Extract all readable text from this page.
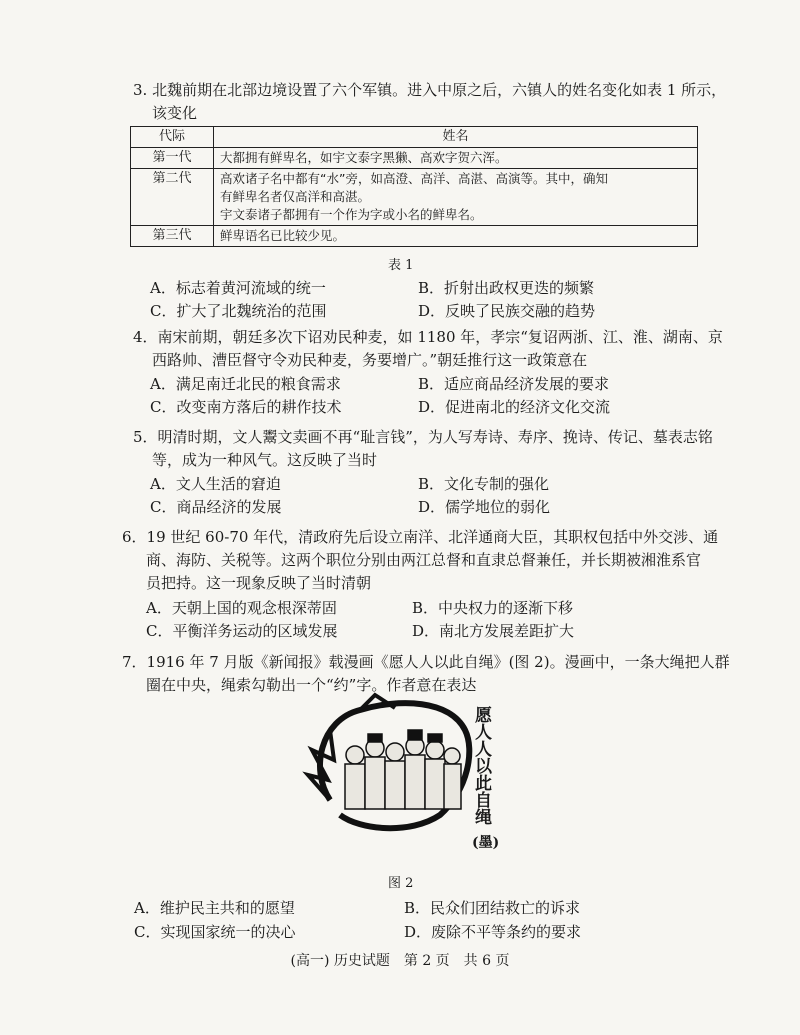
3. 北魏前期在北部边境设置了六个军镇。进入中原之后，六镇人的姓名变化如表 1 所示，
该变化
代际	姓名
第一代	大都拥有鲜卑名，如宇文泰字黑獭、高欢字贺六浑。

第二代	高欢诸子名中都有“水”旁，如高澄、高洋、高湛、高演等。其中，确知
有鲜卑名者仅高洋和高湛。
宇文泰诸子都拥有一个作为字或小名的鲜卑名。

第三代	鲜卑语名已比较少见。
表 1
A．标志着黄河流域的统一	B．折射出政权更迭的频繁
C．扩大了北魏统治的范围	D．反映了民族交融的趋势
4．南宋前期，朝廷多次下诏劝民种麦，如 1180 年，孝宗“复诏两浙、江、淮、湖南、京
西路帅、漕臣督守令劝民种麦，务要增广。”朝廷推行这一政策意在
A．满足南迁北民的粮食需求	B．适应商品经济发展的要求
C．改变南方落后的耕作技术	D．促进南北的经济文化交流
5．明清时期，文人鬻文卖画不再“耻言钱”，为人写寿诗、寿序、挽诗、传记、墓表志铭
等，成为一种风气。这反映了当时
A．文人生活的窘迫	B．文化专制的强化
C．商品经济的发展	D．儒学地位的弱化
6．19 世纪 60-70 年代，清政府先后设立南洋、北洋通商大臣，其职权包括中外交涉、通
商、海防、关税等。这两个职位分别由两江总督和直隶总督兼任，并长期被湘淮系官
员把持。这一现象反映了当时清朝
A．天朝上国的观念根深蒂固	B．中央权力的逐渐下移
C．平衡洋务运动的区域发展	D．南北方发展差距扩大
7．1916 年 7 月版《新闻报》载漫画《愿人人以此自绳》(图 2)。漫画中，一条大绳把人群
圈在中央，绳索勾勒出一个“约”字。作者意在表达
愿人人以此自绳
(墨)
图 2
A．维护民主共和的愿望	B．民众们团结救亡的诉求
C．实现国家统一的决心	D．废除不平等条约的要求
(高一) 历史试题　第 2 页　共 6 页
